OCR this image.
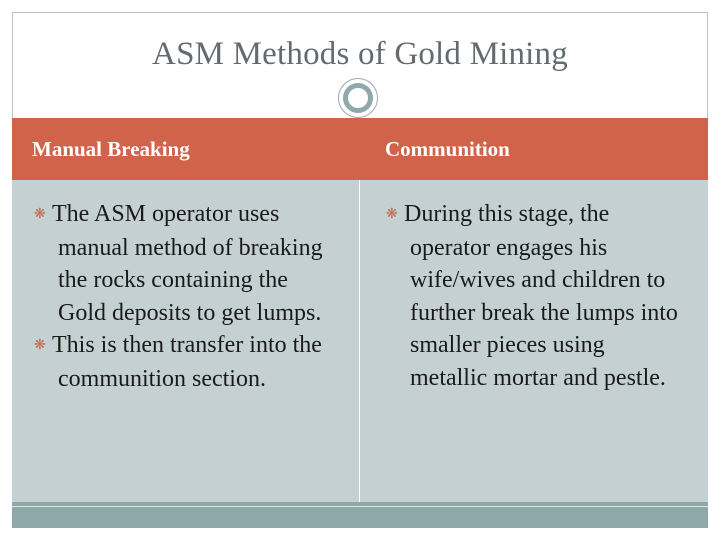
ASM Methods of Gold Mining
Manual Breaking	Communition

❋ The ASM operator uses manual method of breaking the rocks containing the Gold deposits to get lumps.

❋ This is then transfer into the communition section.

❋ During this stage, the operator engages his wife/wives and children to further break the lumps into smaller pieces using metallic mortar and pestle.
